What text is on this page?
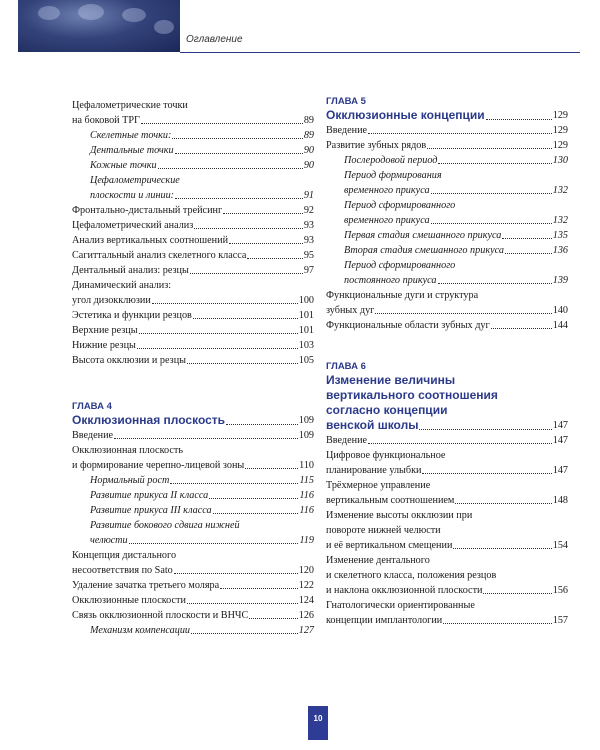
Оглавление
Цефалометрические точки
на боковой ТРГ	89
Скелетные точки:	89
Дентальные точки	90
Кожные точки	90
Цефалометрические
плоскости и линии:	91
Фронтально-дистальный трейсинг	92
Цефалометрический анализ	93
Анализ вертикальных соотношений	93
Сагиттальный анализ скелетного класса	95
Дентальный анализ: резцы	97
Динамический анализ:
угол дизокклюзии	100
Эстетика и функции резцов	101
Верхние резцы	101
Нижние резцы	103
Высота окклюзии и резцы	105
ГЛАВА 4
Окклюзионная плоскость	109
Введение	109
Окклюзионная плоскость
и формирование черепно-лицевой зоны	110
Нормальный рост	115
Развитие прикуса II класса	116
Развитие прикуса III класса	116
Развитие бокового сдвига нижней
челюсти	119
Концепция дистального
несоответствия по Sato	120
Удаление зачатка третьего моляра	122
Окклюзионные плоскости	124
Связь окклюзионной плоскости и ВНЧС	126
Механизм компенсации	127
ГЛАВА 5
Окклюзионные концепции	129
Введение	129
Развитие зубных рядов	129
Послеродовой период	130
Период формирования
временного прикуса	132
Период сформированного
временного прикуса	132
Первая стадия смешанного прикуса	135
Вторая стадия смешанного прикуса	136
Период сформированного
постоянного прикуса	139
Функциональные дуги и структура
зубных дуг	140
Функциональные области зубных дуг	144
ГЛАВА 6
Изменение величины
вертикального соотношения
согласно концепции
венской школы	147
Введение	147
Цифровое функциональное
планирование улыбки	147
Трёхмерное управление
вертикальным соотношением	148
Изменение высоты окклюзии при
повороте нижней челюсти
и её вертикальном смещении	154
Изменение дентального
и скелетного класса, положения резцов
и наклона окклюзионной плоскости	156
Гнатологически ориентированные
концепции имплантологии	157
10
